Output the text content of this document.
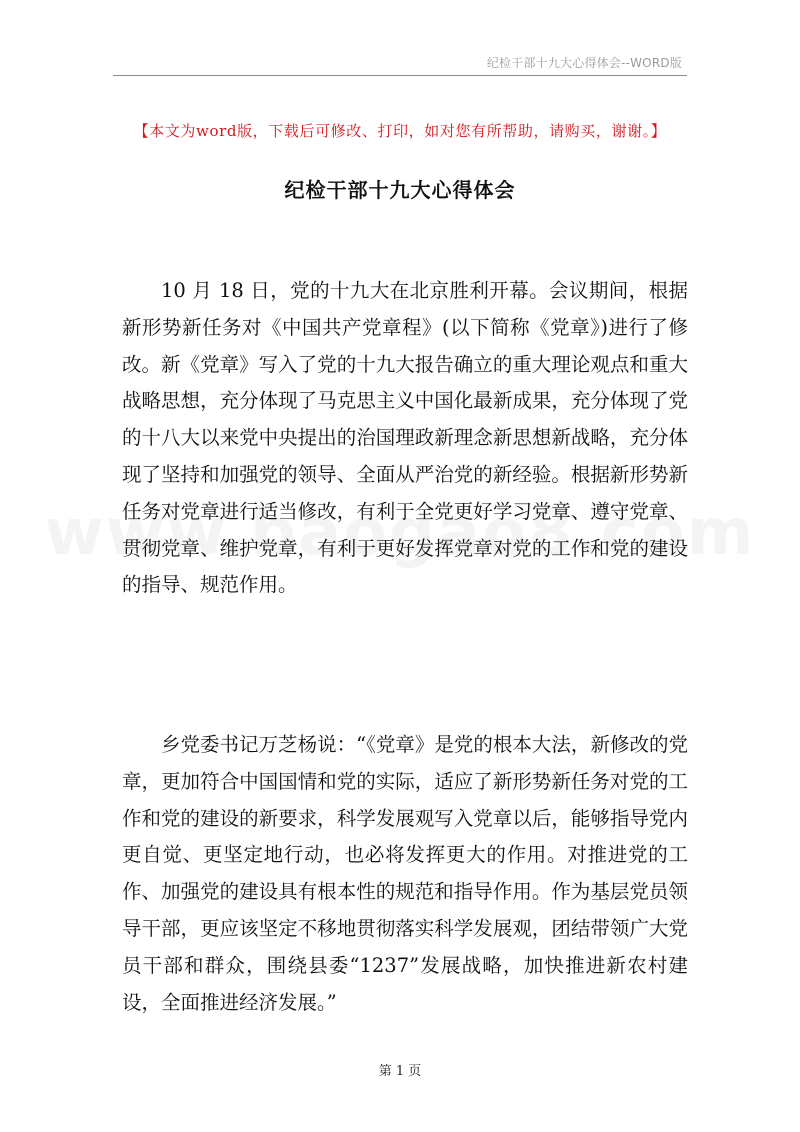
纪检干部十九大心得体会--WORD版
【本文为word版，下载后可修改、打印，如对您有所帮助，请购买，谢谢。】
纪检干部十九大心得体会

10 月 18 日，党的十九大在北京胜利开幕。会议期间，根据新形势新任务对《中国共产党章程》(以下简称《党章》)进行了修改。新《党章》写入了党的十九大报告确立的重大理论观点和重大战略思想，充分体现了马克思主义中国化最新成果，充分体现了党的十八大以来党中央提出的治国理政新理念新思想新战略，充分体现了坚持和加强党的领导、全面从严治党的新经验。根据新形势新任务对党章进行适当修改，有利于全党更好学习党章、遵守党章、贯彻党章、维护党章，有利于更好发挥党章对党的工作和党的建设的指导、规范作用。

乡党委书记万芝杨说：“《党章》是党的根本大法，新修改的党章，更加符合中国国情和党的实际，适应了新形势新任务对党的工作和党的建设的新要求，科学发展观写入党章以后，能够指导党内更自觉、更坚定地行动，也必将发挥更大的作用。对推进党的工作、加强党的建设具有根本性的规范和指导作用。作为基层党员领导干部，更应该坚定不移地贯彻落实科学发展观，团结带领广大党员干部和群众，围绕县委“1237”发展战略，加快推进新农村建设，全面推进经济发展。”

第 1 页
